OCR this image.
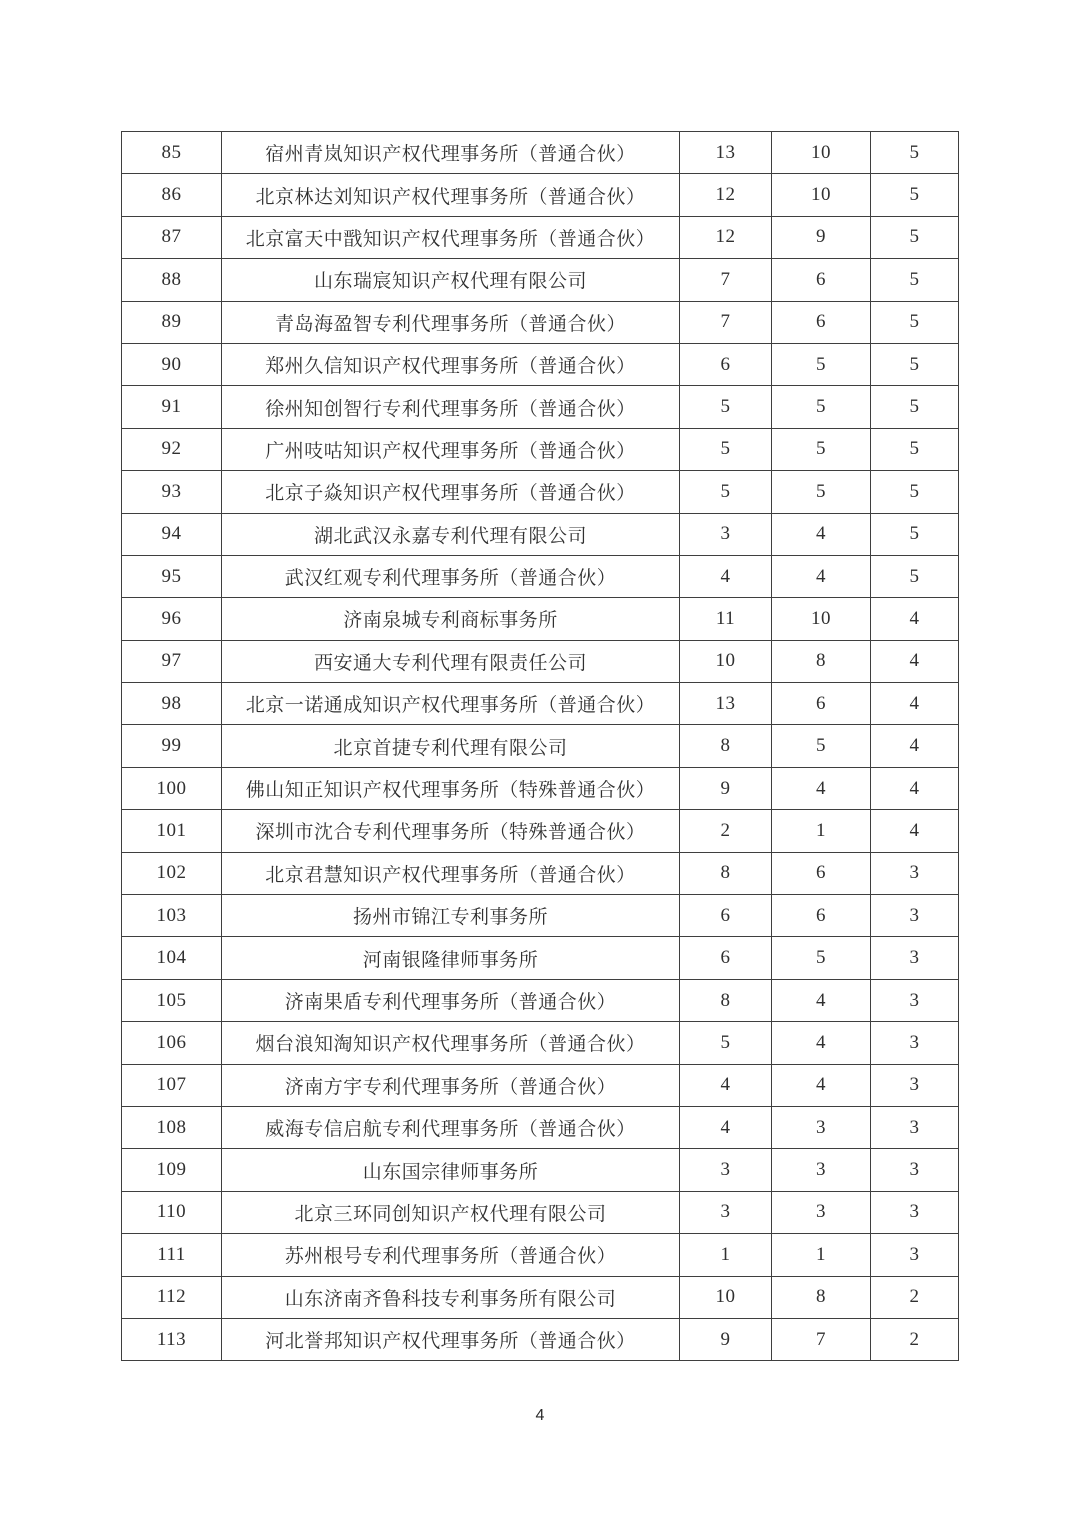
85	宿州青岚知识产权代理事务所（普通合伙）	13	10	5
86	北京林达刘知识产权代理事务所（普通合伙）	12	10	5
87	北京富天中戬知识产权代理事务所（普通合伙）	12	9	5
88	山东瑞宸知识产权代理有限公司	7	6	5
89	青岛海盈智专利代理事务所（普通合伙）	7	6	5
90	郑州久信知识产权代理事务所（普通合伙）	6	5	5
91	徐州知创智行专利代理事务所（普通合伙）	5	5	5
92	广州吱咕知识产权代理事务所（普通合伙）	5	5	5
93	北京子焱知识产权代理事务所（普通合伙）	5	5	5
94	湖北武汉永嘉专利代理有限公司	3	4	5
95	武汉红观专利代理事务所（普通合伙）	4	4	5
96	济南泉城专利商标事务所	11	10	4
97	西安通大专利代理有限责任公司	10	8	4
98	北京一诺通成知识产权代理事务所（普通合伙）	13	6	4
99	北京首捷专利代理有限公司	8	5	4
100	佛山知正知识产权代理事务所（特殊普通合伙）	9	4	4
101	深圳市沈合专利代理事务所（特殊普通合伙）	2	1	4
102	北京君慧知识产权代理事务所（普通合伙）	8	6	3
103	扬州市锦江专利事务所	6	6	3
104	河南银隆律师事务所	6	5	3
105	济南果盾专利代理事务所（普通合伙）	8	4	3
106	烟台浪知淘知识产权代理事务所（普通合伙）	5	4	3
107	济南方宇专利代理事务所（普通合伙）	4	4	3
108	威海专信启航专利代理事务所（普通合伙）	4	3	3
109	山东国宗律师事务所	3	3	3
110	北京三环同创知识产权代理有限公司	3	3	3
111	苏州根号专利代理事务所（普通合伙）	1	1	3
112	山东济南齐鲁科技专利事务所有限公司	10	8	2
113	河北誉邦知识产权代理事务所（普通合伙）	9	7	2
4
